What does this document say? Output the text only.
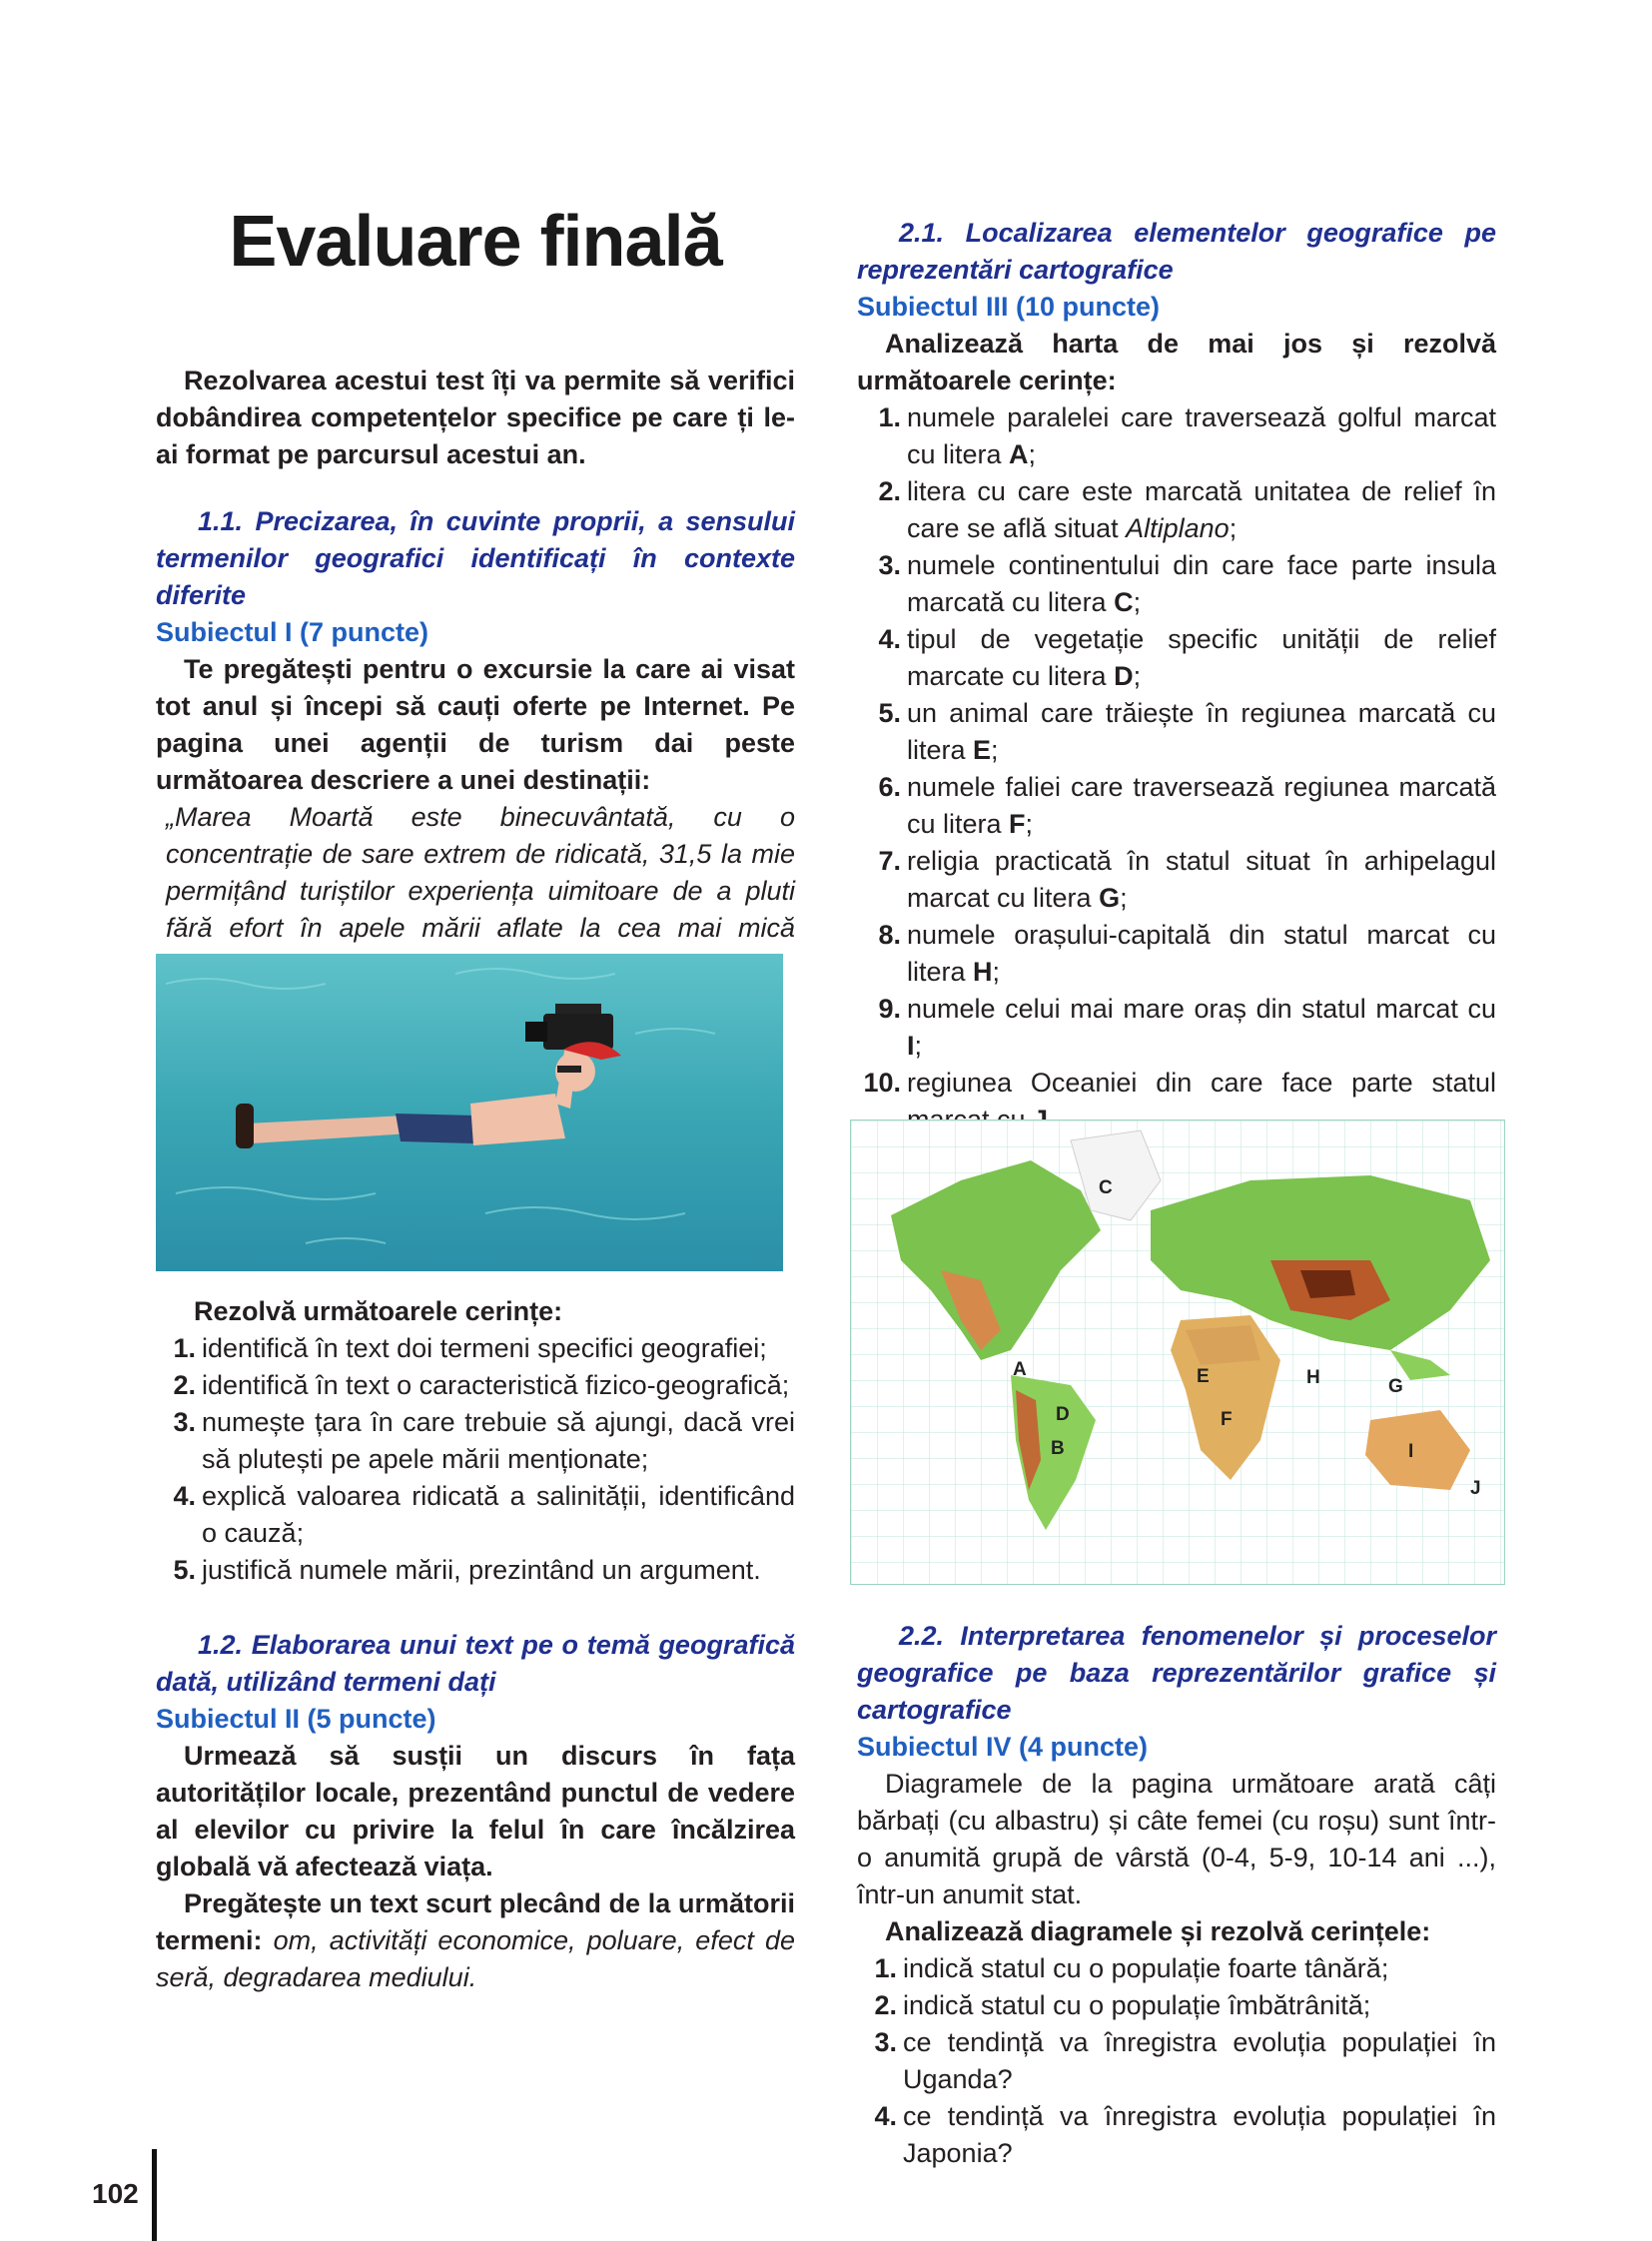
Evaluare finală
Rezolvarea acestui test îți va permite să verifici dobândirea competențelor specifice pe care ți le-ai format pe parcursul acestui an.
1.1. Precizarea, în cuvinte proprii, a sensului termenilor geografici identificați în contexte diferite
Subiectul I (7 puncte)
Te pregătești pentru o excursie la care ai visat tot anul și începi să cauți oferte pe Internet. Pe pagina unei agenții de turism dai peste următoarea descriere a unei destinații:
„Marea Moartă este binecuvântată, cu o concentrație de sare extrem de ridicată, 31,5 la mie permițând turiștilor experiența uimitoare de a pluti fără efort în apele mării aflate la cea mai mică
Rezolvă următoarele cerințe:
1. identifică în text doi termeni specifici geografiei;
2. identifică în text o caracteristică fizico-geografică;
3. numește țara în care trebuie să ajungi, dacă vrei să plutești pe apele mării menționate;
4. explică valoarea ridicată a salinității, identificând o cauză;
5. justifică numele mării, prezintând un argument.
1.2. Elaborarea unui text pe o temă geografică dată, utilizând termeni dați
Subiectul II (5 puncte)
Urmează să susții un discurs în fața autorităților locale, prezentând punctul de vedere al elevilor cu privire la felul în care încălzirea globală vă afectează viața.
Pregătește un text scurt plecând de la următorii termeni: om, activități economice, poluare, efect de seră, degradarea mediului.
2.1. Localizarea elementelor geografice pe reprezentări cartografice
Subiectul III (10 puncte)
Analizează harta de mai jos și rezolvă următoarele cerințe:
1. numele paralelei care traversează golful marcat cu litera A;
2. litera cu care este marcată unitatea de relief în care se află situat Altiplano;
3. numele continentului din care face parte insula marcată cu litera C;
4. tipul de vegetație specific unității de relief marcate cu litera D;
5. un animal care trăiește în regiunea marcată cu litera E;
6. numele faliei care traversează regiunea marcată cu litera F;
7. religia practicată în statul situat în arhipelagul marcat cu litera G;
8. numele orașului-capitală din statul marcat cu litera H;
9. numele celui mai mare oraș din statul marcat cu I;
10. regiunea Oceaniei din care face parte statul
C
A
D
B
E
F
H	G
I
J
2.2. Interpretarea fenomenelor și proceselor geografice pe baza reprezentărilor grafice și cartografice
Subiectul IV (4 puncte)
Diagramele de la pagina următoare arată câți bărbați (cu albastru) și câte femei (cu roșu) sunt într-o anumită grupă de vârstă (0-4, 5-9, 10-14 ani ...), într-un anumit stat.
Analizează diagramele și rezolvă cerințele:
1. indică statul cu o populație foarte tânără;
2. indică statul cu o populație îmbătrânită;
3. ce tendință va înregistra evoluția populației în Uganda?
4. ce tendință va înregistra evoluția populației în Japonia?
102
